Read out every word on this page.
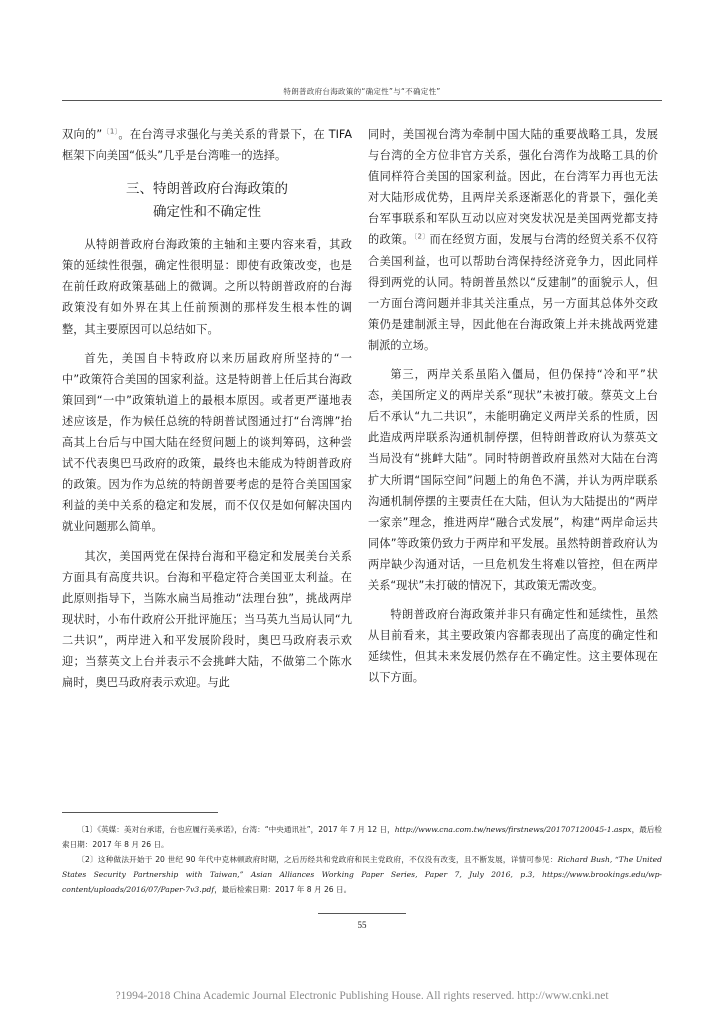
特朗普政府台海政策的“确定性”与“不确定性”

双向的”$^{〔1〕}$。在台湾寻求强化与美关系的背景下，在 TIFA 框架下向美国“低头”几乎是台湾唯一的选择。

三、特朗普政府台海政策的
确定性和不确定性

从特朗普政府台海政策的主轴和主要内容来看，其政策的延续性很强，确定性很明显：即使有政策改变，也是在前任政府政策基础上的微调。之所以特朗普政府的台海政策没有如外界在其上任前预测的那样发生根本性的调整，其主要原因可以总结如下。

首先，美国自卡特政府以来历届政府所坚持的“一中”政策符合美国的国家利益。这是特朗普上任后其台海政策回到“一中”政策轨道上的最根本原因。或者更严谨地表述应该是，作为候任总统的特朗普试图通过打“台湾牌”抬高其上台后与中国大陆在经贸问题上的谈判筹码，这种尝试不代表奥巴马政府的政策，最终也未能成为特朗普政府的政策。因为作为总统的特朗普要考虑的是符合美国国家利益的美中关系的稳定和发展，而不仅仅是如何解决国内就业问题那么简单。

其次，美国两党在保持台海和平稳定和发展美台关系方面具有高度共识。台海和平稳定符合美国亚太利益。在此原则指导下，当陈水扁当局推动“法理台独”，挑战两岸现状时，小布什政府公开批评施压；当马英九当局认同“九二共识”，两岸进入和平发展阶段时，奥巴马政府表示欢迎；当蔡英文上台并表示不会挑衅大陆，不做第二个陈水扁时，奥巴马政府表示欢迎。与此

同时，美国视台湾为牵制中国大陆的重要战略工具，发展与台湾的全方位非官方关系，强化台湾作为战略工具的价值同样符合美国的国家利益。因此，在台湾军力再也无法对大陆形成优势，且两岸关系逐渐恶化的背景下，强化美台军事联系和军队互动以应对突发状况是美国两党都支持的政策。$^{〔2〕}$而在经贸方面，发展与台湾的经贸关系不仅符合美国利益，也可以帮助台湾保持经济竞争力，因此同样得到两党的认同。特朗普虽然以“反建制”的面貌示人，但一方面台湾问题并非其关注重点，另一方面其总体外交政策仍是建制派主导，因此他在台海政策上并未挑战两党建制派的立场。

第三，两岸关系虽陷入僵局，但仍保持“冷和平”状态，美国所定义的两岸关系“现状”未被打破。蔡英文上台后不承认“九二共识”，未能明确定义两岸关系的性质，因此造成两岸联系沟通机制停摆，但特朗普政府认为蔡英文当局没有“挑衅大陆”。同时特朗普政府虽然对大陆在台湾扩大所谓“国际空间”问题上的角色不满，并认为两岸联系沟通机制停摆的主要责任在大陆，但认为大陆提出的“两岸一家亲”理念，推进两岸“融合式发展”，构建“两岸命运共同体”等政策仍致力于两岸和平发展。虽然特朗普政府认为两岸缺少沟通对话，一旦危机发生将难以管控，但在两岸关系“现状”未打破的情况下，其政策无需改变。

特朗普政府台海政策并非只有确定性和延续性，虽然从目前看来，其主要政策内容都表现出了高度的确定性和延续性，但其未来发展仍然存在不确定性。这主要体现在以下方面。

〔1〕《英媒：美对台承诺，台也应履行美承诺》，台湾：“中央通讯社”，2017 年 7 月 12 日，http://www.cna.com.tw/news/firstnews/201707120045-1.aspx，最后检索日期：2017 年 8 月 26 日。

〔2〕这种做法开始于 20 世纪 90 年代中克林顿政府时期，之后历经共和党政府和民主党政府，不仅没有改变，且不断发展，详情可参见：Richard Bush, “The United States Security Partnership with Taiwan,” Asian Alliances Working Paper Series, Paper 7, July 2016, p.3, https://www.brookings.edu/wp-content/uploads/2016/07/Paper-7v3.pdf，最后检索日期：2017 年 8 月 26 日。

55
?1994-2018 China Academic Journal Electronic Publishing House. All rights reserved. http://www.cnki.net
